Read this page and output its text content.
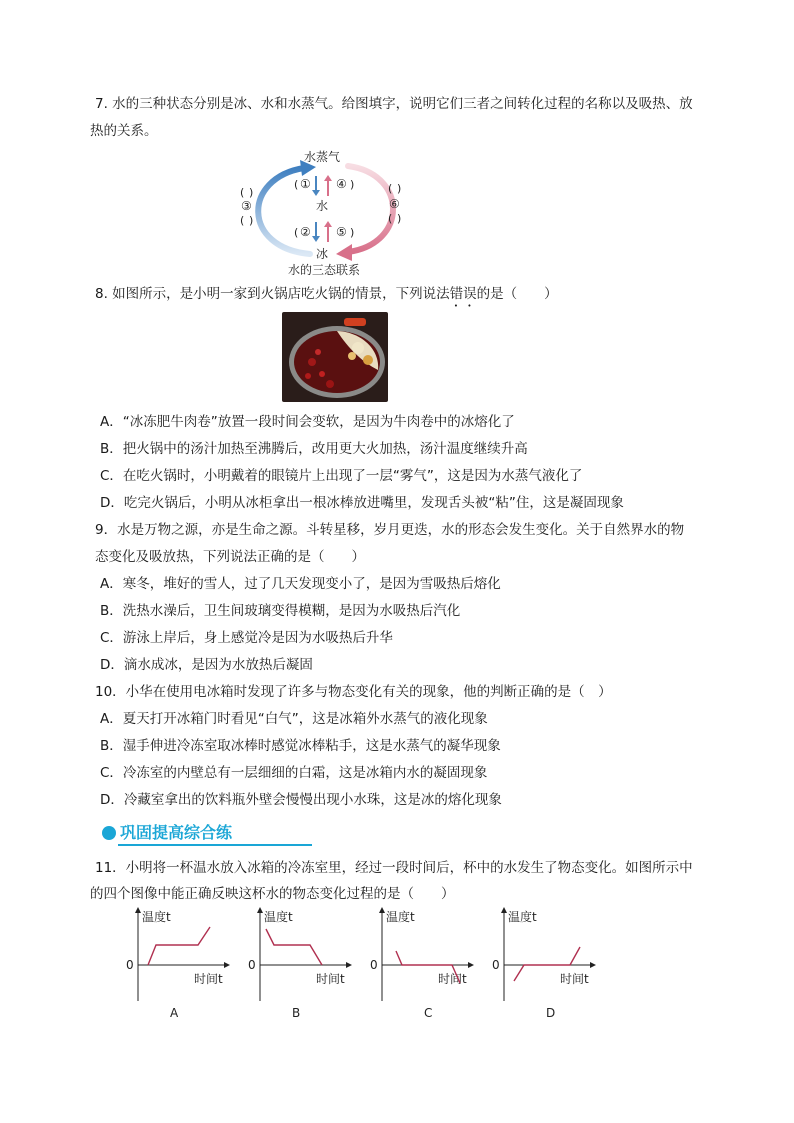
7. 水的三种状态分别是冰、水和水蒸气。给图填字，说明它们三者之间转化过程的名称以及吸热、放
热的关系。
水蒸气
水
冰
水的三态联系
( ① ④ )
②
(	⑤ )
( )
③
( )
( )
⑥
( )
8. 如图所示，是小明一家到火锅店吃火锅的情景，下列说法错误的是（　　）
A．“冰冻肥牛肉卷”放置一段时间会变软，是因为牛肉卷中的冰熔化了
B．把火锅中的汤汁加热至沸腾后，改用更大火加热，汤汁温度继续升高
C．在吃火锅时，小明戴着的眼镜片上出现了一层“雾气”，这是因为水蒸气液化了
D．吃完火锅后，小明从冰柜拿出一根冰棒放进嘴里，发现舌头被“粘”住，这是凝固现象
9．水是万物之源，亦是生命之源。斗转星移，岁月更迭，水的形态会发生变化。关于自然界水的物
态变化及吸放热，下列说法正确的是（　　）
A．寒冬，堆好的雪人，过了几天发现变小了，是因为雪吸热后熔化
B．洗热水澡后，卫生间玻璃变得模糊，是因为水吸热后汽化
C．游泳上岸后，身上感觉冷是因为水吸热后升华
D．滴水成冰，是因为水放热后凝固
10．小华在使用电冰箱时发现了许多与物态变化有关的现象，他的判断正确的是（　）
A．夏天打开冰箱门时看见“白气”，这是冰箱外水蒸气的液化现象
B．湿手伸进冷冻室取冰棒时感觉冰棒粘手，这是水蒸气的凝华现象
C．冷冻室的内壁总有一层细细的白霜，这是冰箱内水的凝固现象
D．冷藏室拿出的饮料瓶外壁会慢慢出现小水珠，这是冰的熔化现象
巩固提高综合练
11．小明将一杯温水放入冰箱的冷冻室里，经过一段时间后，杯中的水发生了物态变化。如图所示中
的四个图像中能正确反映这杯水的物态变化过程的是（　　）
温度t
时间t
0
A
温度t
时间t
0
B
温度t
时间t
0
C
温度t
时间t
0
D
